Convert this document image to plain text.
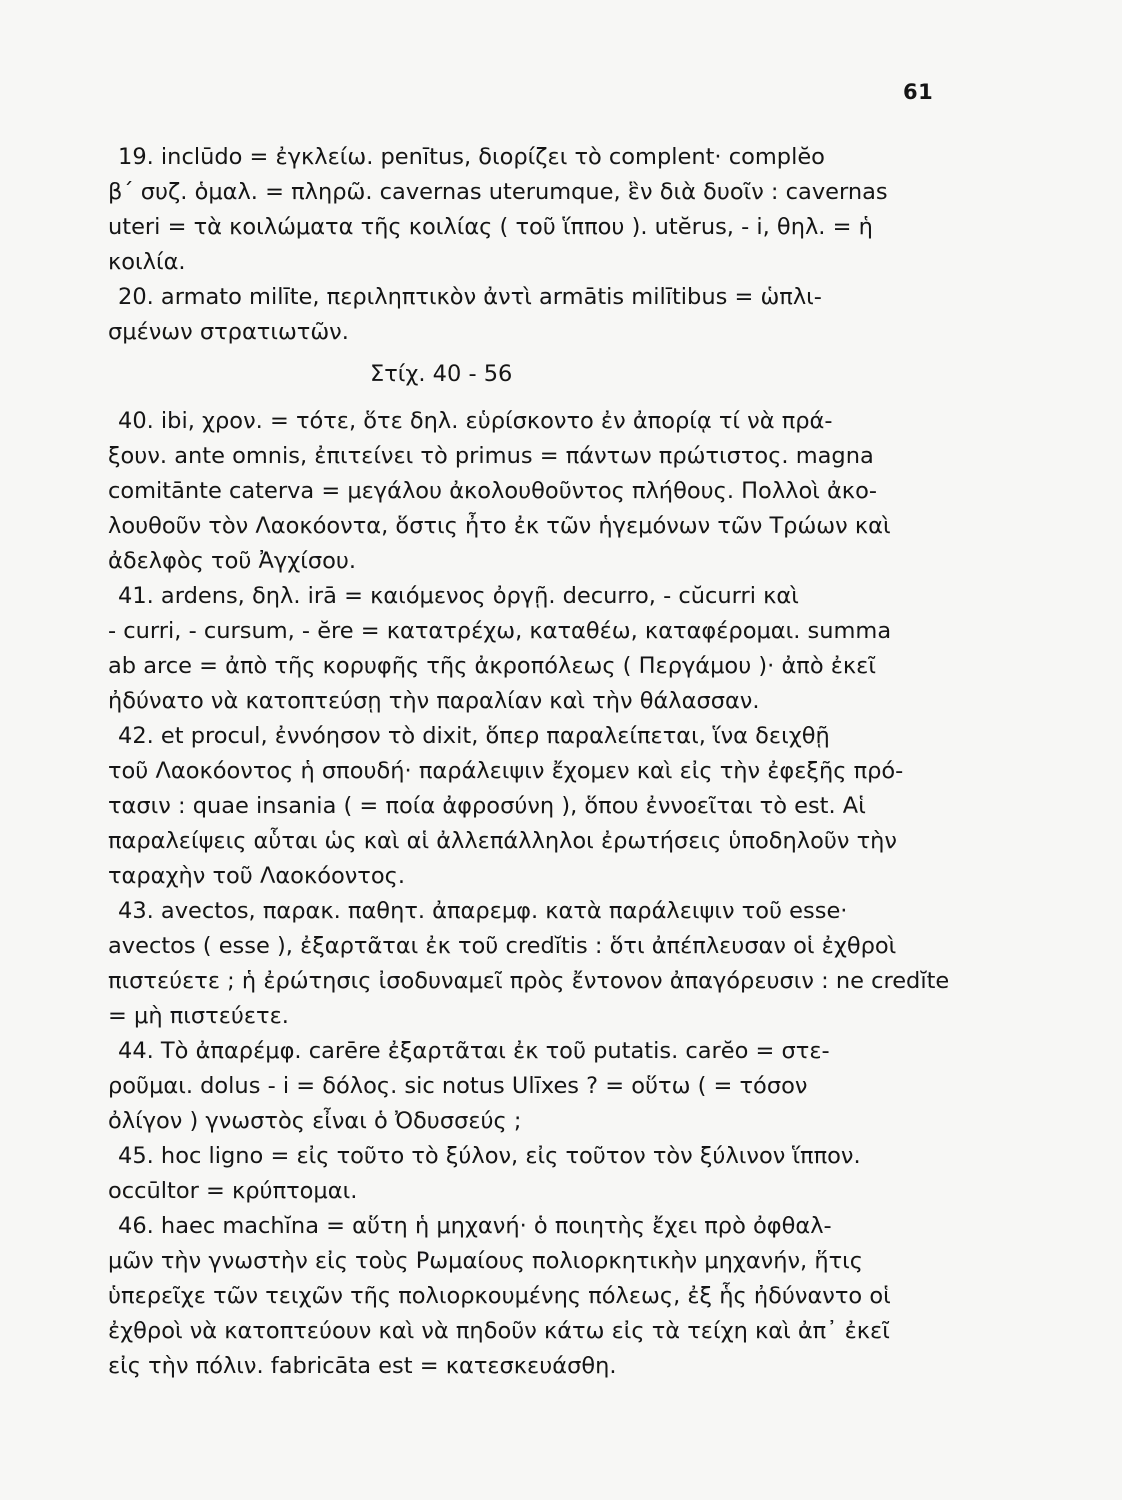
61
19. inclūdo = ἐγκλείω. penītus, διορίζει τὸ complent· complĕo
β΄ συζ. ὁμαλ. = πληρῶ. cavernas uterumque, ἓν διὰ δυοῖν : cavernas
uteri = τὰ κοιλώματα τῆς κοιλίας ( τοῦ ἵππου ). utĕrus, - i, θηλ. = ἡ
κοιλία.
20. armato milīte, περιληπτικὸν ἀντὶ armātis milītibus = ὡπλι-
σμένων στρατιωτῶν.
Στίχ. 40 - 56
40. ibi, χρον. = τότε, ὅτε δηλ. εὑρίσκοντο ἐν ἀπορίᾳ τί νὰ πρά-
ξουν. ante omnis, ἐπιτείνει τὸ primus = πάντων πρώτιστος. magna
comitānte caterva = μεγάλου ἀκολουθοῦντος πλήθους. Πολλοὶ ἀκο-
λουθοῦν τὸν Λαοκόοντα, ὅστις ἦτο ἐκ τῶν ἡγεμόνων τῶν Τρώων καὶ
ἀδελφὸς τοῦ Ἀγχίσου.
41. ardens, δηλ. irā = καιόμενος ὀργῇ. decurro, - cŭcurri καὶ
- curri, - cursum, - ĕre = κατατρέχω, καταθέω, καταφέρομαι. summa
ab arce = ἀπὸ τῆς κορυφῆς τῆς ἀκροπόλεως ( Περγάμου )· ἀπὸ ἐκεῖ
ἠδύνατο νὰ κατοπτεύσῃ τὴν παραλίαν καὶ τὴν θάλασσαν.
42. et procul, ἐννόησον τὸ dixit, ὅπερ παραλείπεται, ἵνα δειχθῇ
τοῦ Λαοκόοντος ἡ σπουδή· παράλειψιν ἔχομεν καὶ εἰς τὴν ἐφεξῆς πρό-
τασιν : quae insania ( = ποία ἀφροσύνη ), ὅπου ἐννοεῖται τὸ est. Αἱ
παραλείψεις αὗται ὡς καὶ αἱ ἀλλεπάλληλοι ἐρωτήσεις ὑποδηλοῦν τὴν
ταραχὴν τοῦ Λαοκόοντος.
43. avectos, παρακ. παθητ. ἀπαρεμφ. κατὰ παράλειψιν τοῦ esse·
avectos ( esse ), ἐξαρτᾶται ἐκ τοῦ credĭtis : ὅτι ἀπέπλευσαν οἱ ἐχθροὶ
πιστεύετε ; ἡ ἐρώτησις ἰσοδυναμεῖ πρὸς ἔντονον ἀπαγόρευσιν : ne credĭte
= μὴ πιστεύετε.
44. Τὸ ἀπαρέμφ. carēre ἐξαρτᾶται ἐκ τοῦ putatis. carĕo = στε-
ροῦμαι. dolus - i = δόλος. sic notus Ulīxes ? = οὕτω ( = τόσον
ὀλίγον ) γνωστὸς εἶναι ὁ Ὀδυσσεύς ;
45. hoc ligno = εἰς τοῦτο τὸ ξύλον, εἰς τοῦτον τὸν ξύλινον ἵππον.
occūltor = κρύπτομαι.
46. haec machĭna = αὕτη ἡ μηχανή· ὁ ποιητὴς ἔχει πρὸ ὀφθαλ-
μῶν τὴν γνωστὴν εἰς τοὺς Ρωμαίους πολιορκητικὴν μηχανήν, ἥτις
ὑπερεῖχε τῶν τειχῶν τῆς πολιορκουμένης πόλεως, ἐξ ἧς ἠδύναντο οἱ
ἐχθροὶ νὰ κατοπτεύουν καὶ νὰ πηδοῦν κάτω εἰς τὰ τείχη καὶ ἀπ᾽ ἐκεῖ
εἰς τὴν πόλιν. fabricāta est = κατεσκευάσθη.
